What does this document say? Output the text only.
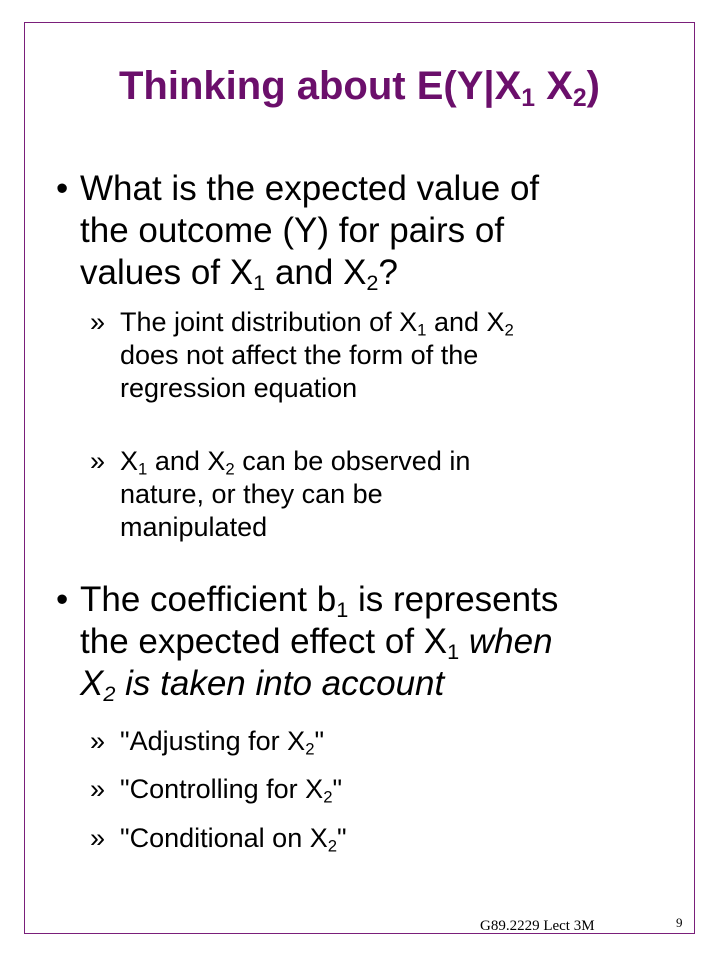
Thinking about $E(Y|X_1$ $X_2$)
• What is the expected value of
the outcome (Y) for pairs of
values of $X_1$ and $X_2$?
» The joint distribution of $X_1$ and $X_2$
does not affect the form of the
regression equation
» $X_1$ and $X_2$ can be observed in
nature, or they can be
manipulated
• The coefficient $b_1$ is represents
the expected effect of $X_1$ when
$X_2$ is taken into account
» "Adjusting for $X_2$"
» "Controlling for $X_2$"
» "Conditional on $X_2$"
G89.2229 Lect 3M	9
